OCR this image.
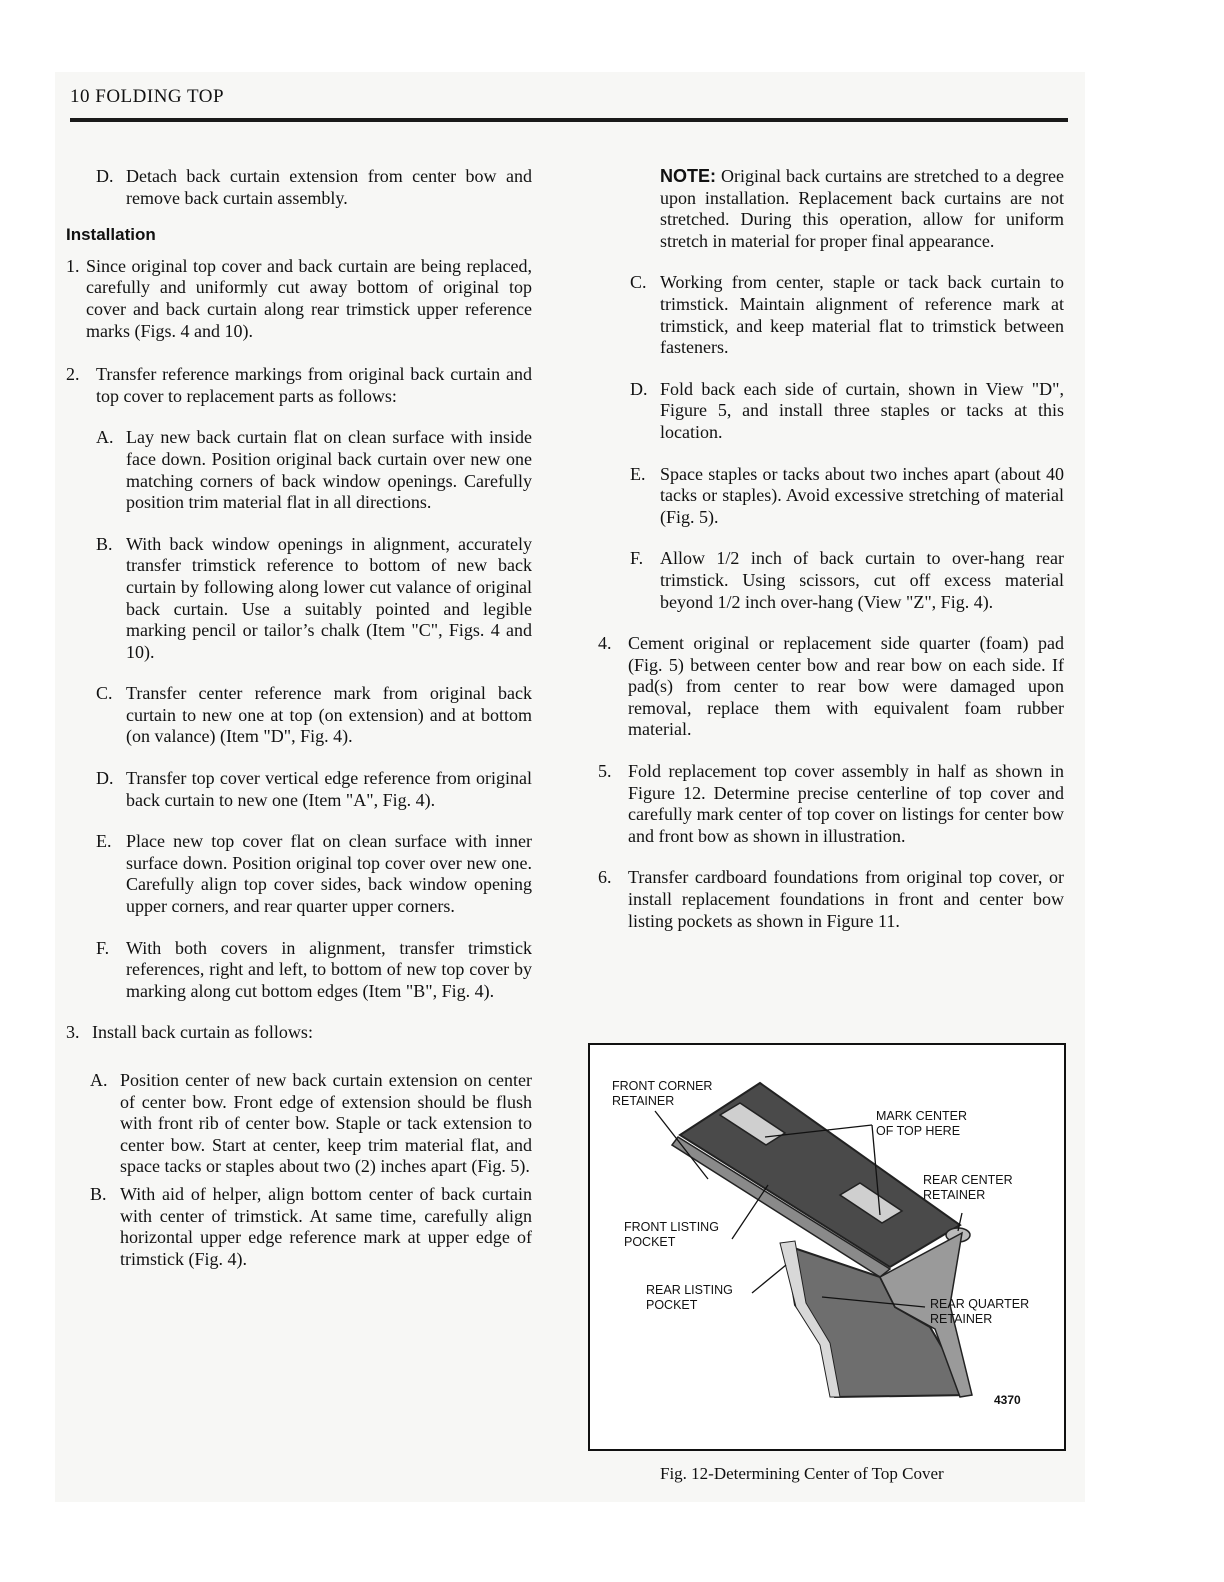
10 FOLDING TOP
D. Detach back curtain extension from center bow and remove back curtain assembly.

Installation

1. Since original top cover and back curtain are being replaced, carefully and uniformly cut away bottom of original top cover and back curtain along rear trimstick upper reference marks (Figs. 4 and 10).
2. Transfer reference markings from original back curtain and top cover to replacement parts as follows:
A. Lay new back curtain flat on clean surface with inside face down. Position original back curtain over new one matching corners of back window openings. Carefully position trim material flat in all directions.
B. With back window openings in alignment, accurately transfer trimstick reference to bottom of new back curtain by following along lower cut valance of original back curtain. Use a suitably pointed and legible marking pencil or tailor’s chalk (Item "C", Figs. 4 and 10).
C. Transfer center reference mark from original back curtain to new one at top (on extension) and at bottom (on valance) (Item "D", Fig. 4).
D. Transfer top cover vertical edge reference from original back curtain to new one (Item "A", Fig. 4).
E. Place new top cover flat on clean surface with inner surface down. Position original top cover over new one. Carefully align top cover sides, back window opening upper corners, and rear quarter upper corners.
F. With both covers in alignment, transfer trimstick references, right and left, to bottom of new top cover by marking along cut bottom edges (Item "B", Fig. 4).
3. Install back curtain as follows:
A. Position center of new back curtain extension on center of center bow. Front edge of extension should be flush with front rib of center bow. Staple or tack extension to center bow. Start at center, keep trim material flat, and space tacks or staples about two (2) inches apart (Fig. 5).
B. With aid of helper, align bottom center of back curtain with center of trimstick. At same time, carefully align horizontal upper edge reference mark at upper edge of trimstick (Fig. 4).

NOTE: Original back curtains are stretched to a degree upon installation. Replacement back curtains are not stretched. During this operation, allow for uniform stretch in material for proper final appearance.

C. Working from center, staple or tack back curtain to trimstick. Maintain alignment of reference mark at trimstick, and keep material flat to trimstick between fasteners.
D. Fold back each side of curtain, shown in View "D", Figure 5, and install three staples or tacks at this location.
E. Space staples or tacks about two inches apart (about 40 tacks or staples). Avoid excessive stretching of material (Fig. 5).
F. Allow 1/2 inch of back curtain to over-hang rear trimstick. Using scissors, cut off excess material beyond 1/2 inch over-hang (View "Z", Fig. 4).
4. Cement original or replacement side quarter (foam) pad (Fig. 5) between center bow and rear bow on each side. If pad(s) from center to rear bow were damaged upon removal, replace them with equivalent foam rubber material.
5. Fold replacement top cover assembly in half as shown in Figure 12. Determine precise centerline of top cover and carefully mark center of top cover on listings for center bow and front bow as shown in illustration.
6. Transfer cardboard foundations from original top cover, or install replacement foundations in front and center bow listing pockets as shown in Figure 11.
FRONT CORNER
RETAINER
MARK CENTER
OF TOP HERE
REAR CENTER
RETAINER
FRONT LISTING
POCKET
REAR LISTING
POCKET	REAR QUARTER
RETAINER
4370
Fig. 12-Determining Center of Top Cover
